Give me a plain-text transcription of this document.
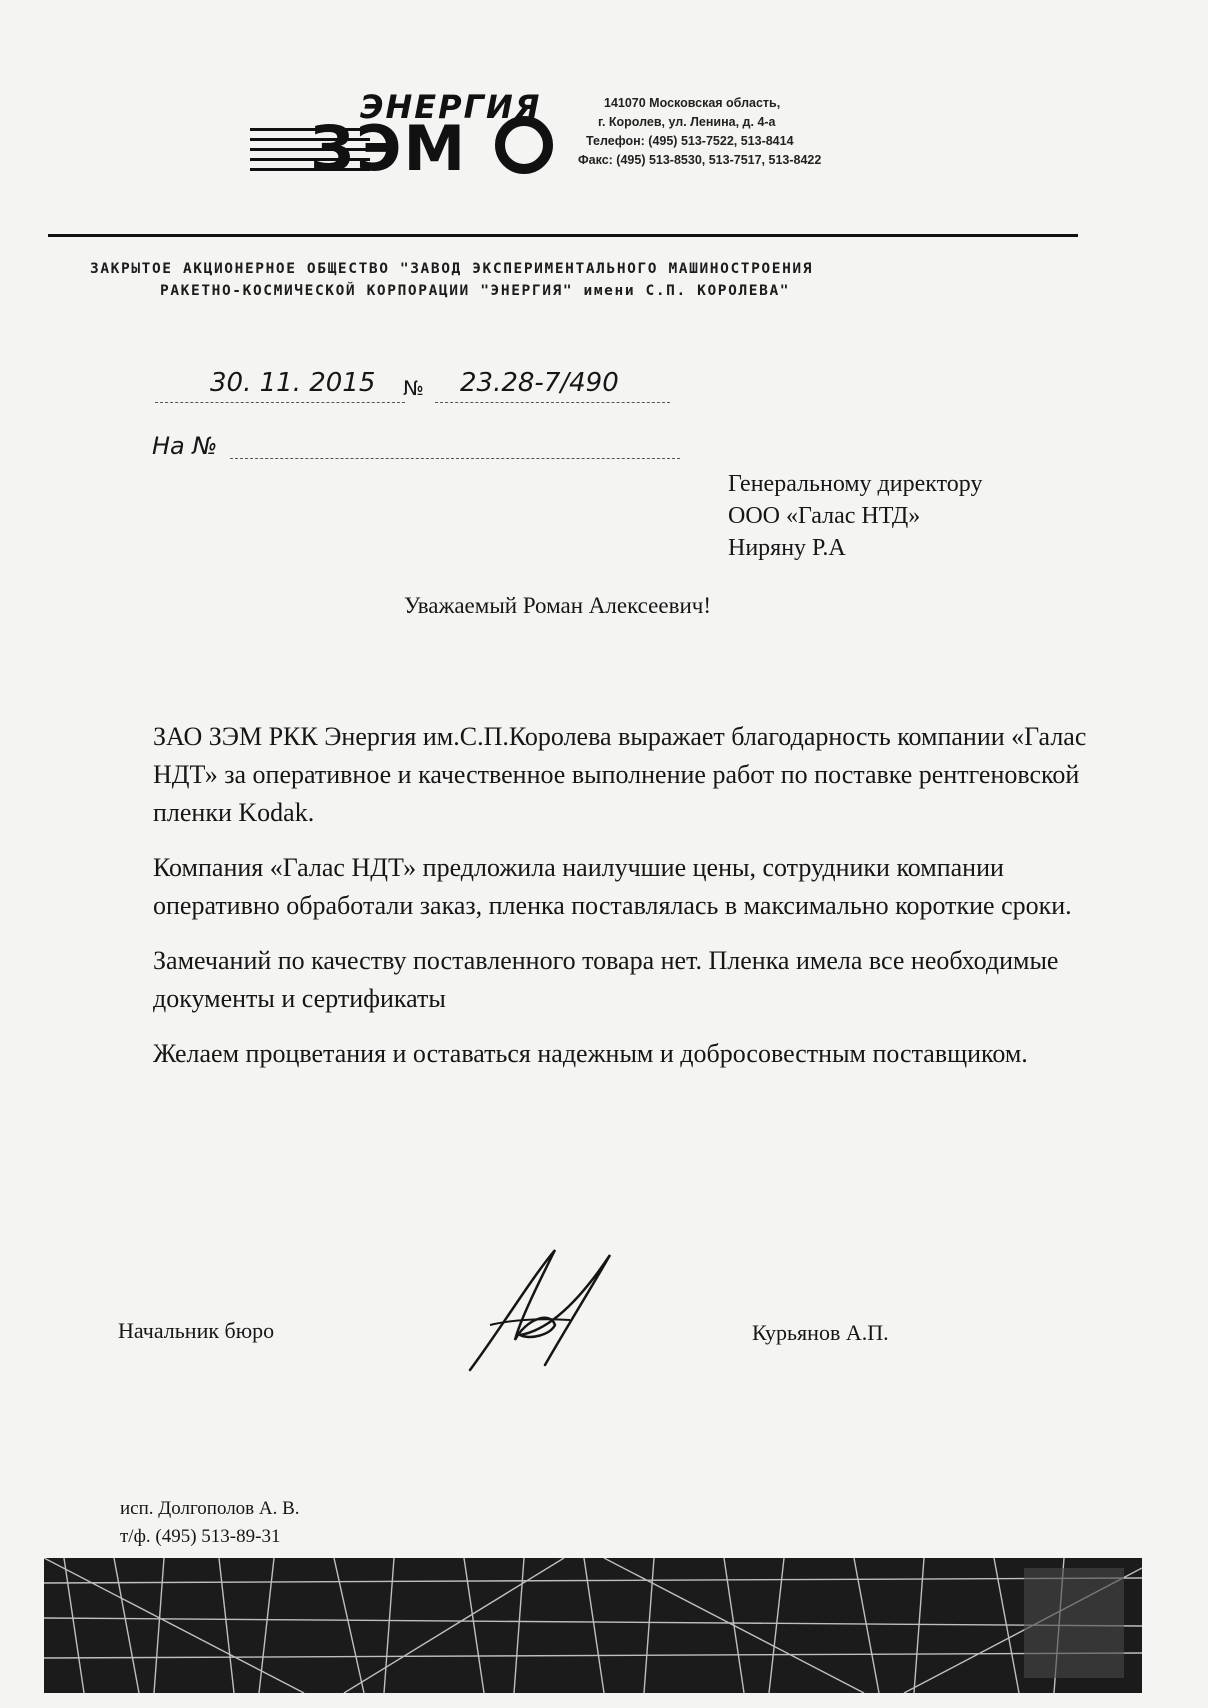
ЭНЕРГИЯ
ЗЭМ
141070 Московская область,
г. Королев, ул. Ленина, д. 4-а
Телефон: (495) 513-7522, 513-8414
Факс: (495) 513-8530, 513-7517, 513-8422
ЗАКРЫТОЕ АКЦИОНЕРНОЕ ОБЩЕСТВО "ЗАВОД ЭКСПЕРИМЕНТАЛЬНОГО МАШИНОСТРОЕНИЯ
РАКЕТНО-КОСМИЧЕСКОЙ КОРПОРАЦИИ "ЭНЕРГИЯ" имени С.П. КОРОЛЕВА"
30. 11. 2015 № 23.28-7/490
На №
Генеральному директору
ООО «Галас НТД»
Ниряну Р.А
Уважаемый Роман Алексеевич!

ЗАО ЗЭМ РКК Энергия им.С.П.Королева выражает благодарность компании «Галас НДТ» за оперативное и качественное выполнение работ по поставке рентгеновской пленки Kodak.

Компания «Галас НДТ» предложила наилучшие цены, сотрудники компании оперативно обработали заказ, пленка поставлялась в максимально короткие сроки.

Замечаний по качеству поставленного товара нет. Пленка имела все необходимые документы и сертификаты

Желаем процветания и оставаться надежным и добросовестным поставщиком.

Начальник бюро	Курьянов А.П.
исп. Долгополов А. В.
т/ф. (495) 513-89-31
